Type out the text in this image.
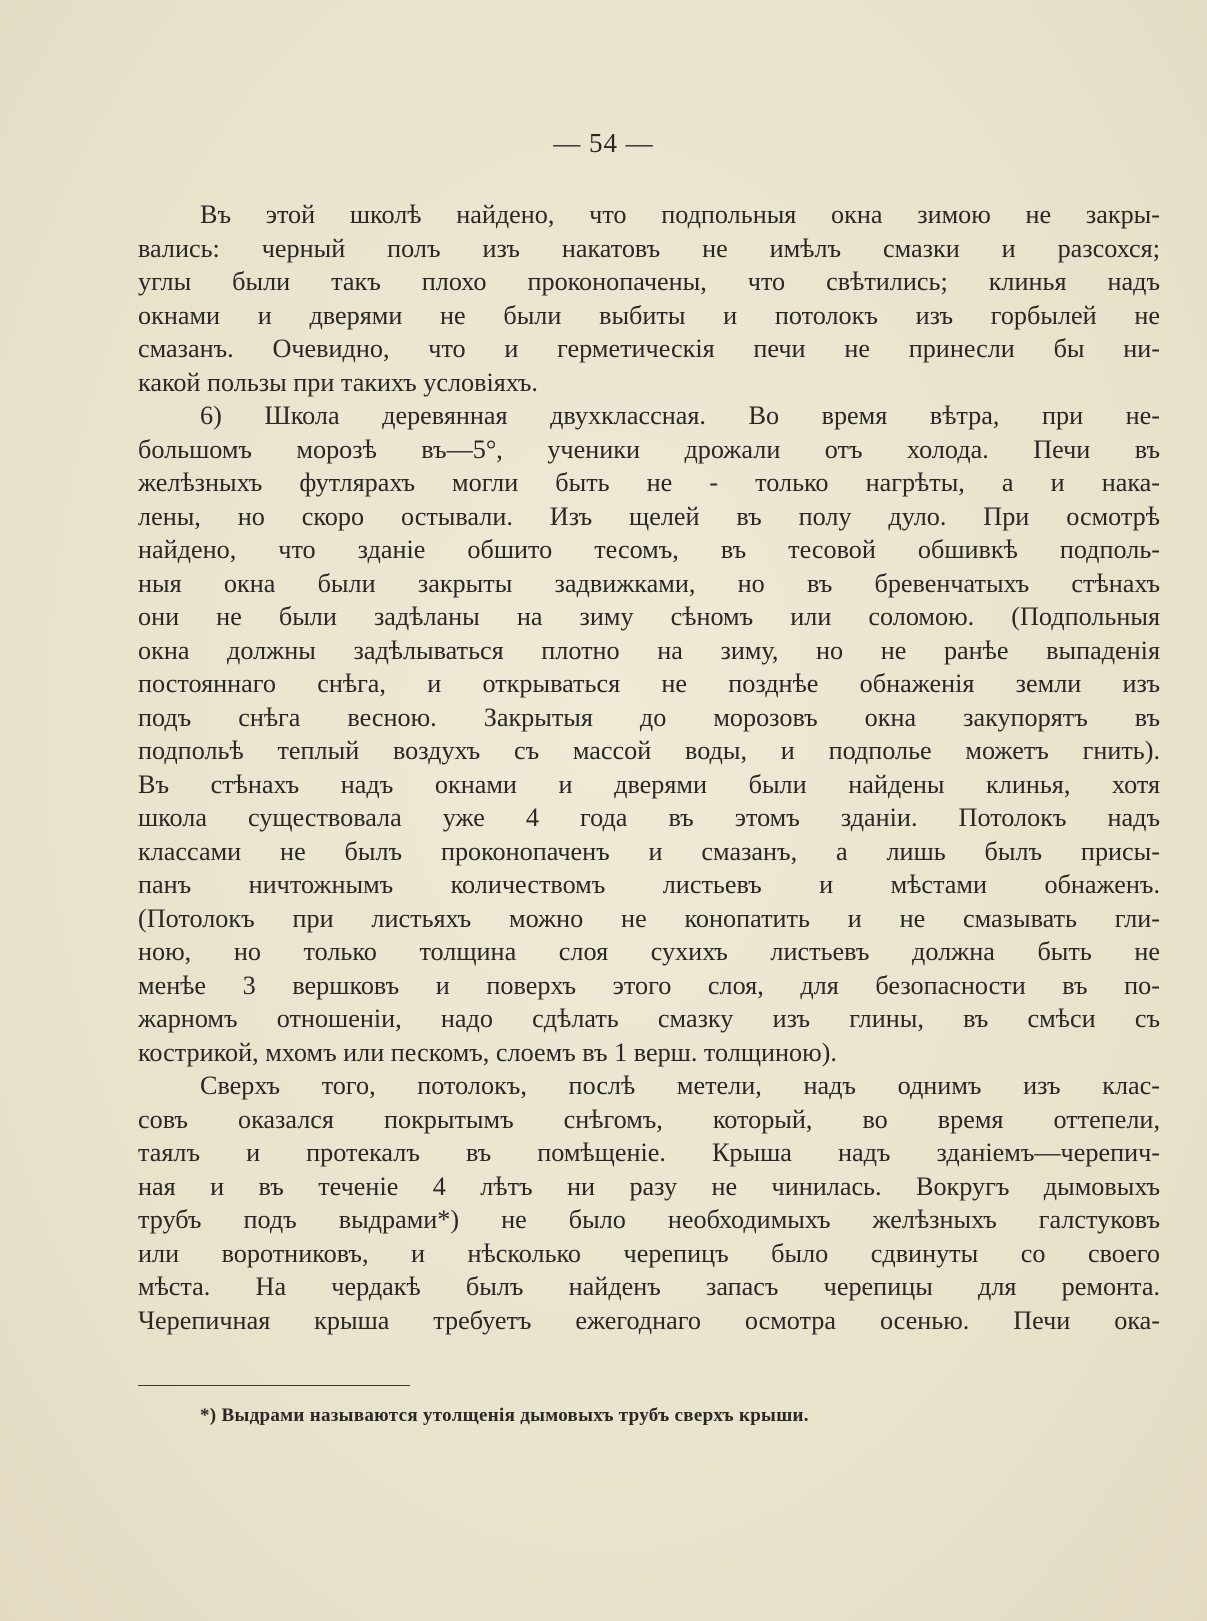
— 54 —
Въ этой школѣ найдено, что подпольныя окна зимою не закры-
вались: черный полъ изъ накатовъ не имѣлъ смазки и разсохся;
углы были такъ плохо проконопачены, что свѣтились; клинья надъ
окнами и дверями не были выбиты и потолокъ изъ горбылей не
смазанъ. Очевидно, что и герметическія печи не принесли бы ни-
какой пользы при такихъ условіяхъ.
6) Школа деревянная двухклассная. Во время вѣтра, при не-
большомъ морозѣ въ—5°, ученики дрожали отъ холода. Печи въ
желѣзныхъ футлярахъ могли быть не - только нагрѣты, а и нака-
лены, но скоро остывали. Изъ щелей въ полу дуло. При осмотрѣ
найдено, что зданіе обшито тесомъ, въ тесовой обшивкѣ подполь-
ныя окна были закрыты задвижками, но въ бревенчатыхъ стѣнахъ
они не были задѣланы на зиму сѣномъ или соломою. (Подпольныя
окна должны задѣлываться плотно на зиму, но не ранѣе выпаденія
постояннаго снѣга, и открываться не позднѣе обнаженія земли изъ
подъ снѣга весною. Закрытыя до морозовъ окна закупорятъ въ
подпольѣ теплый воздухъ съ массой воды, и подполье можетъ гнить).
Въ стѣнахъ надъ окнами и дверями были найдены клинья, хотя
школа существовала уже 4 года въ этомъ зданіи. Потолокъ надъ
классами не былъ проконопаченъ и смазанъ, а лишь былъ присы-
панъ ничтожнымъ количествомъ листьевъ и мѣстами обнаженъ.
(Потолокъ при листьяхъ можно не конопатить и не смазывать гли-
ною, но только толщина слоя сухихъ листьевъ должна быть не
менѣе 3 вершковъ и поверхъ этого слоя, для безопасности въ по-
жарномъ отношеніи, надо сдѣлать смазку изъ глины, въ смѣси съ
кострикой, мхомъ или пескомъ, слоемъ въ 1 верш. толщиною).
Сверхъ того, потолокъ, послѣ метели, надъ однимъ изъ клас-
совъ оказался покрытымъ снѣгомъ, который, во время оттепели,
таялъ и протекалъ въ помѣщеніе. Крыша надъ зданіемъ—черепич-
ная и въ теченіе 4 лѣтъ ни разу не чинилась. Вокругъ дымовыхъ
трубъ подъ выдрами*) не было необходимыхъ желѣзныхъ галстуковъ
или воротниковъ, и нѣсколько черепицъ было сдвинуты со своего
мѣста. На чердакѣ былъ найденъ запасъ черепицы для ремонта.
Черепичная крыша требуетъ ежегоднаго осмотра осенью. Печи ока-
*) Выдрами называются утолщенія дымовыхъ трубъ сверхъ крыши.
